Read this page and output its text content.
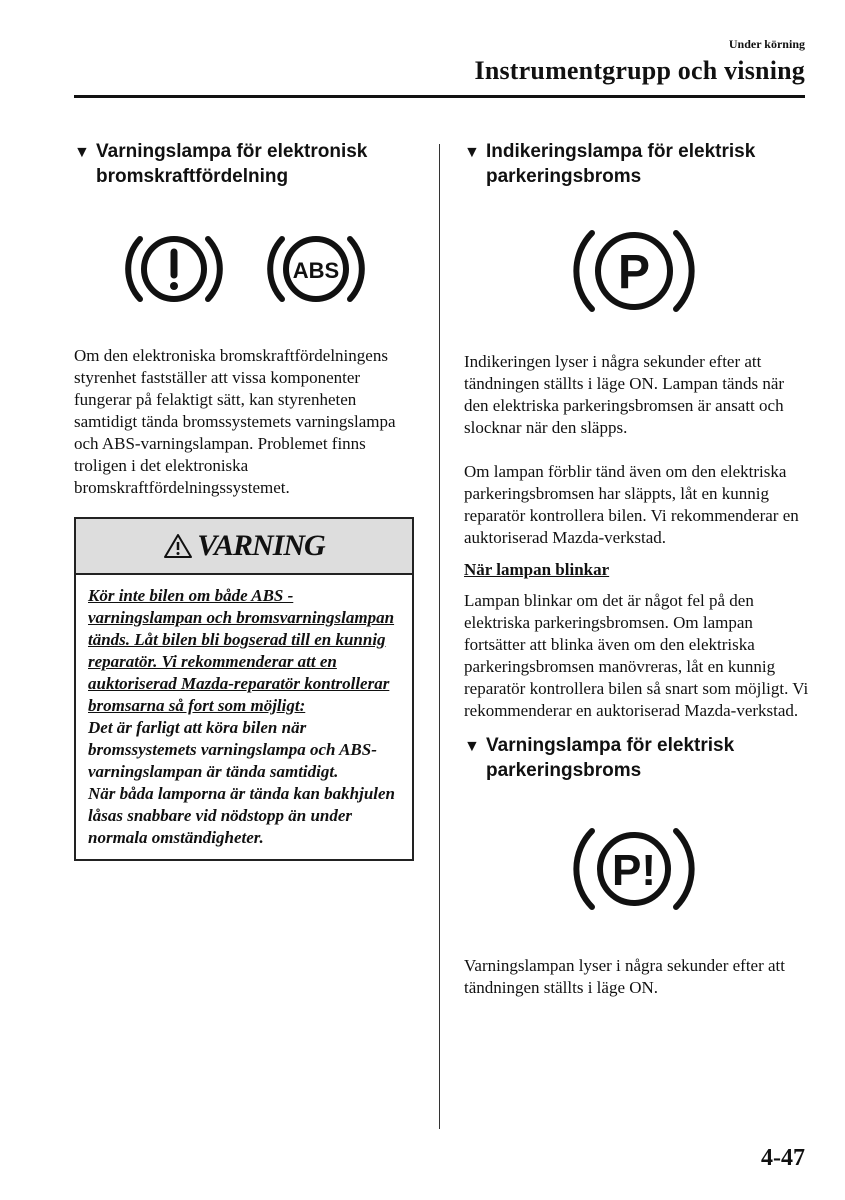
Under körning
Instrumentgrupp och visning
▼ Varningslampa för elektronisk bromskraftfördelning
ABS

Om den elektroniska bromskraftfördelningens styrenhet fastställer att vissa komponenter fungerar på felaktigt sätt, kan styrenheten samtidigt tända bromssystemets varningslampa och ABS-varningslampan. Problemet finns troligen i det elektroniska bromskraftfördelningssystemet.

VARNING

Kör inte bilen om både ABS -varningslampan och bromsvarningslampan tänds. Låt bilen bli bogserad till en kunnig reparatör. Vi rekommenderar att en auktoriserad Mazda-reparatör kontrollerar bromsarna så fort som möjligt:

Det är farligt att köra bilen när bromssystemets varningslampa och ABS-varningslampan är tända samtidigt.

När båda lamporna är tända kan bakhjulen låsas snabbare vid nödstopp än under normala omständigheter.

▼ Indikeringslampa för elektrisk parkeringsbroms
P

Indikeringen lyser i några sekunder efter att tändningen ställts i läge ON. Lampan tänds när den elektriska parkeringsbromsen är ansatt och slocknar när den släpps.

Om lampan förblir tänd även om den elektriska parkeringsbromsen har släppts, låt en kunnig reparatör kontrollera bilen. Vi rekommenderar en auktoriserad Mazda-verkstad.

När lampan blinkar

Lampan blinkar om det är något fel på den elektriska parkeringsbromsen. Om lampan fortsätter att blinka även om den elektriska parkeringsbromsen manövreras, låt en kunnig reparatör kontrollera bilen så snart som möjligt. Vi rekommenderar en auktoriserad Mazda-verkstad.

▼ Varningslampa för elektrisk parkeringsbroms
P!

Varningslampan lyser i några sekunder efter att tändningen ställts i läge ON.

4-47
